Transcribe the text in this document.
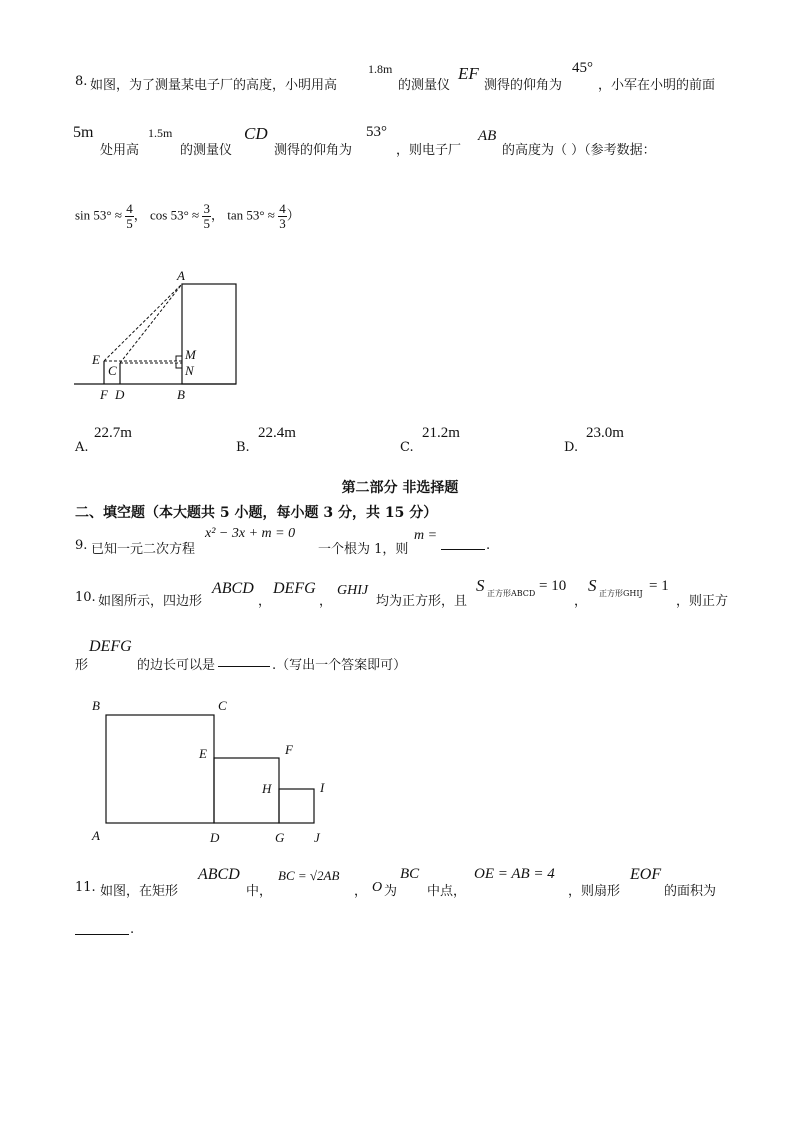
8. 如图，为了测量某电子厂的高度，小明用高
1.8m
的测量仪
EF
测得的仰角为
45°
，小军在小明的前面
5m
处用高
1.5m
的测量仪
CD
测得的仰角为
53°
，则电子厂
AB
的高度为（ ）（参考数据：
$\sin 53^\circ \approx \frac{4}{5}$ ， $\cos 53^\circ \approx \frac{3}{5}$ ， $\tan 53^\circ \approx \frac{4}{3}$ ）
A
E
C
M
N
F D	B
A.
22.7m
B.
22.4m
C.
21.2m
D.
23.0m
第二部分 非选择题
二、填空题（本大题共 5 小题，每小题 3 分，共 15 分）
9. 已知一元二次方程
x² − 3x + m = 0
一个根为 1，则
m =
.
10. 如图所示，四边形
ABCD
，
DEFG
，
GHIJ
均为正方形，且
S 正方形ABCD = 10
，
S 正方形GHIJ = 1
，则正方
形
DEFG
的边长可以是	.（写出一个答案即可）
B	C
E	F
H	I
A	D	G J
11. 如图，在矩形
ABCD
中，
BC = √2AB
， O 为
BC
中点，
OE = AB = 4
，则扇形
EOF
的面积为
.
